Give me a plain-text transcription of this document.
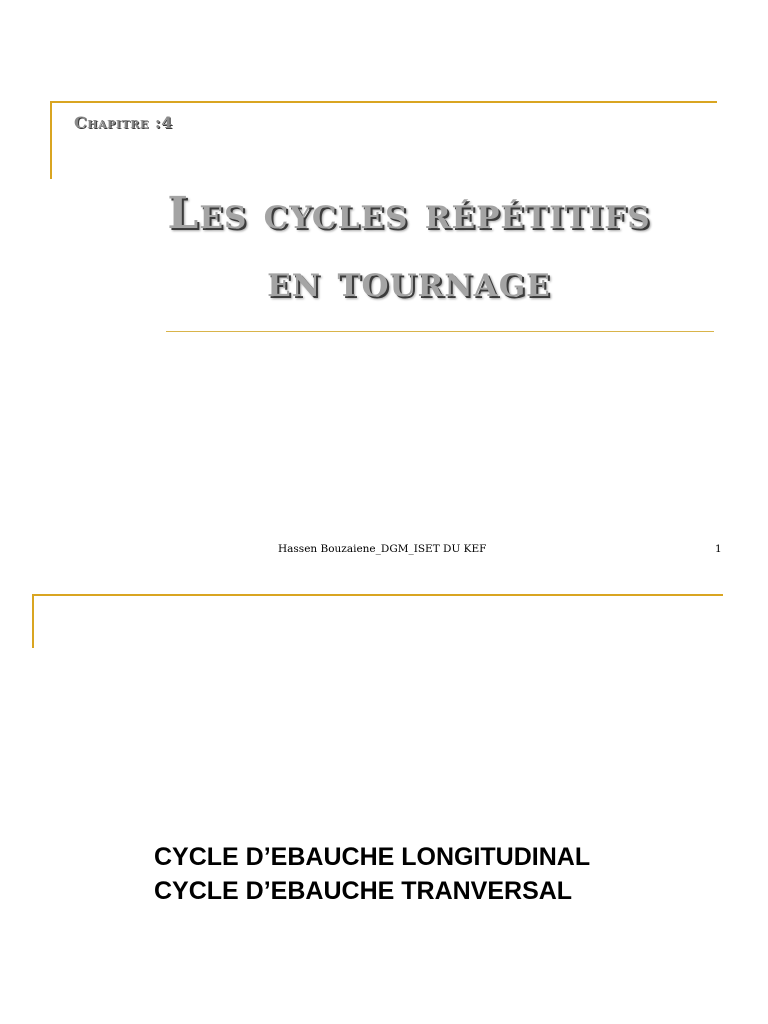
Chapitre :4
Les cycles répétitifs
en tournage
Hassen Bouzaiene_DGM_ISET DU KEF	1
CYCLE D’EBAUCHE LONGITUDINAL
CYCLE D’EBAUCHE TRANVERSAL
